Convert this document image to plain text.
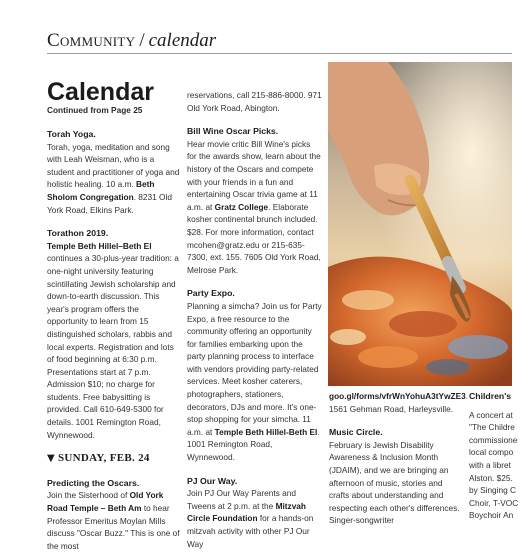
Community / calendar
Calendar
Continued from Page 25

Torah Yoga.
Torah, yoga, meditation and song with Leah Weisman, who is a student and practitioner of yoga and holistic healing. 10 a.m. Beth Sholom Congregation. 8231 Old York Road, Elkins Park.

Torathon 2019.
Temple Beth Hillel–Beth El continues a 30-plus-year tradition: a one-night university featuring scintillating Jewish scholarship and down-to-earth discussion. This year's program offers the opportunity to learn from 15 distinguished scholars, rabbis and local experts. Registration and lots of food beginning at 6:30 p.m. Presentations start at 7 p.m. Admission $10; no charge for students. Free babysitting is provided. Call 610-649-5300 for details. 1001 Remington Road, Wynnewood.

▼ SUNDAY, FEB. 24

Predicting the Oscars.
Join the Sisterhood of Old York Road Temple – Beth Am to hear Professor Emeritus Moylan Mills discuss "Oscar Buzz." This is one of the most

reservations, call 215-886-8000. 971 Old York Road, Abington.

Bill Wine Oscar Picks.
Hear movie critic Bill Wine's picks for the awards show, learn about the history of the Oscars and compete with your friends in a fun and entertaining Oscar trivia game at 11 a.m. at Gratz College. Elaborate kosher continental brunch included. $28. For more information, contact mcohen@gratz.edu or 215-635-7300, ext. 155. 7605 Old York Road, Melrose Park.

Party Expo.
Planning a simcha? Join us for Party Expo, a free resource to the community offering an opportunity for families embarking upon the party planning process to interface with vendors providing party-related services. Meet kosher caterers, photographers, stationers, decorators, DJs and more. It's one-stop shopping for your simcha. 11 a.m. at Temple Beth Hillel-Beth El. 1001 Remington Road, Wynnewood.

PJ Our Way.
Join PJ Our Way Parents and Tweens at 2 p.m. at the Mitzvah Circle Foundation for a hands-on mitzvah activity with other PJ Our Way

goo.gl/forms/vfrWnYohuA3tYwZE3.

1561 Gehman Road, Harleysville.

Music Circle.
February is Jewish Disability Awareness & Inclusion Month (JDAIM), and we are bringing an afternoon of music, stories and crafts about understanding and respecting each other's differences. Singer-songwriter

Children's
A concert at
"The Childre
commissione
local compo
with a libret
Alston. $25.
by Singing C
Choir, T-VOC
Boychoir An
